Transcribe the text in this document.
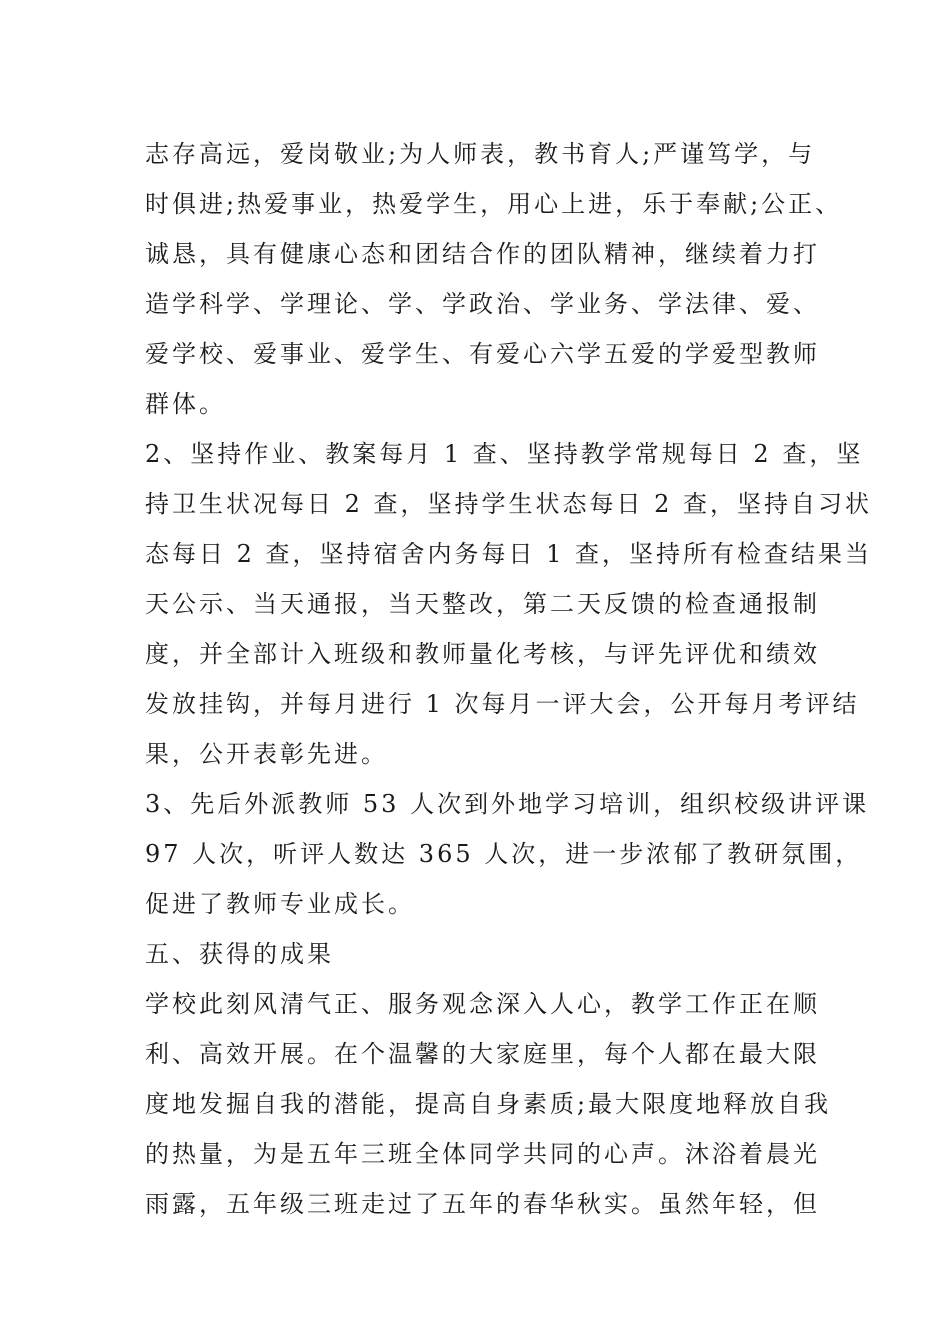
志存高远，爱岗敬业;为人师表，教书育人;严谨笃学，与
时俱进;热爱事业，热爱学生，用心上进，乐于奉献;公正、
诚恳，具有健康心态和团结合作的团队精神，继续着力打
造学科学、学理论、学、学政治、学业务、学法律、爱、
爱学校、爱事业、爱学生、有爱心六学五爱的学爱型教师
群体。
2、坚持作业、教案每月 1 查、坚持教学常规每日 2 查，坚
持卫生状况每日 2 查，坚持学生状态每日 2 查，坚持自习状
态每日 2 查，坚持宿舍内务每日 1 查，坚持所有检查结果当
天公示、当天通报，当天整改，第二天反馈的检查通报制
度，并全部计入班级和教师量化考核，与评先评优和绩效
发放挂钩，并每月进行 1 次每月一评大会，公开每月考评结
果，公开表彰先进。
3、先后外派教师 53 人次到外地学习培训，组织校级讲评课
97 人次，听评人数达 365 人次，进一步浓郁了教研氛围，
促进了教师专业成长。
五、获得的成果
学校此刻风清气正、服务观念深入人心，教学工作正在顺
利、高效开展。在个温馨的大家庭里，每个人都在最大限
度地发掘自我的潜能，提高自身素质;最大限度地释放自我
的热量，为是五年三班全体同学共同的心声。沐浴着晨光
雨露，五年级三班走过了五年的春华秋实。虽然年轻，但
